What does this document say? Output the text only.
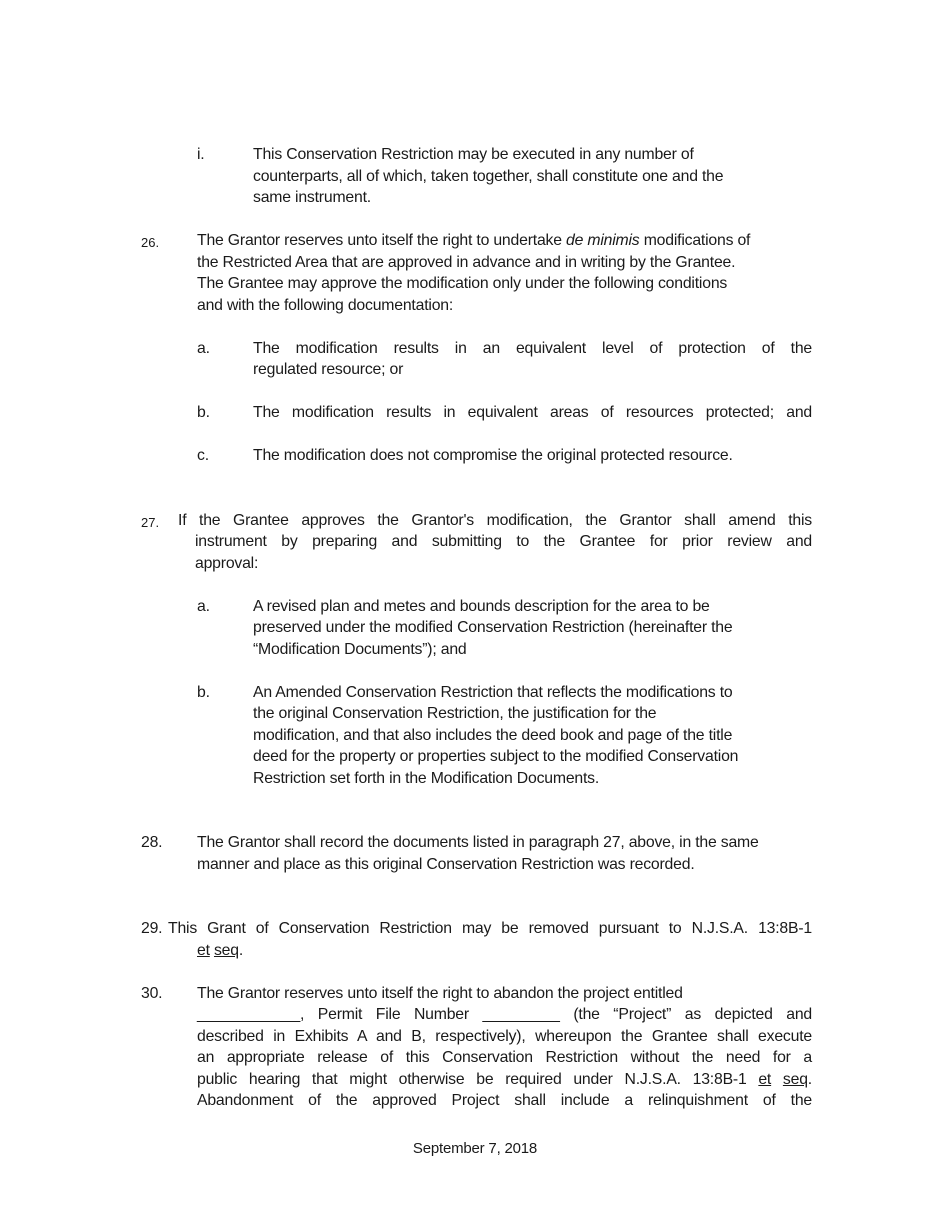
i.	This Conservation Restriction may be executed in any number of
counterparts, all of which, taken together, shall constitute one and the
same instrument.
26. The Grantor reserves unto itself the right to undertake de minimis modifications of
the Restricted Area that are approved in advance and in writing by the Grantee.
The Grantee may approve the modification only under the following conditions
and with the following documentation:
a.	The modification results in an equivalent level of protection of the
regulated resource; or
b.	The modification results in equivalent areas of resources protected; and
c.	The modification does not compromise the original protected resource.
27. If the Grantee approves the Grantor's modification, the Grantor shall amend this
instrument by preparing and submitting to the Grantee for prior review and
approval:
a.	A revised plan and metes and bounds description for the area to be
preserved under the modified Conservation Restriction (hereinafter the
“Modification Documents”); and
b.	An Amended Conservation Restriction that reflects the modifications to
the original Conservation Restriction, the justification for the
modification, and that also includes the deed book and page of the title
deed for the property or properties subject to the modified Conservation
Restriction set forth in the Modification Documents.
28. The Grantor shall record the documents listed in paragraph 27, above, in the same
manner and place as this original Conservation Restriction was recorded.
29. This Grant of Conservation Restriction may be removed pursuant to N.J.S.A. 13:8B-1
et seq.
30. The Grantor reserves unto itself the right to abandon the project entitled
____________, Permit File Number _________ (the “Project” as depicted and
described in Exhibits A and B, respectively), whereupon the Grantee shall execute
an appropriate release of this Conservation Restriction without the need for a
public hearing that might otherwise be required under N.J.S.A. 13:8B-1 et seq.
Abandonment of the approved Project shall include a relinquishment of the
September 7, 2018
